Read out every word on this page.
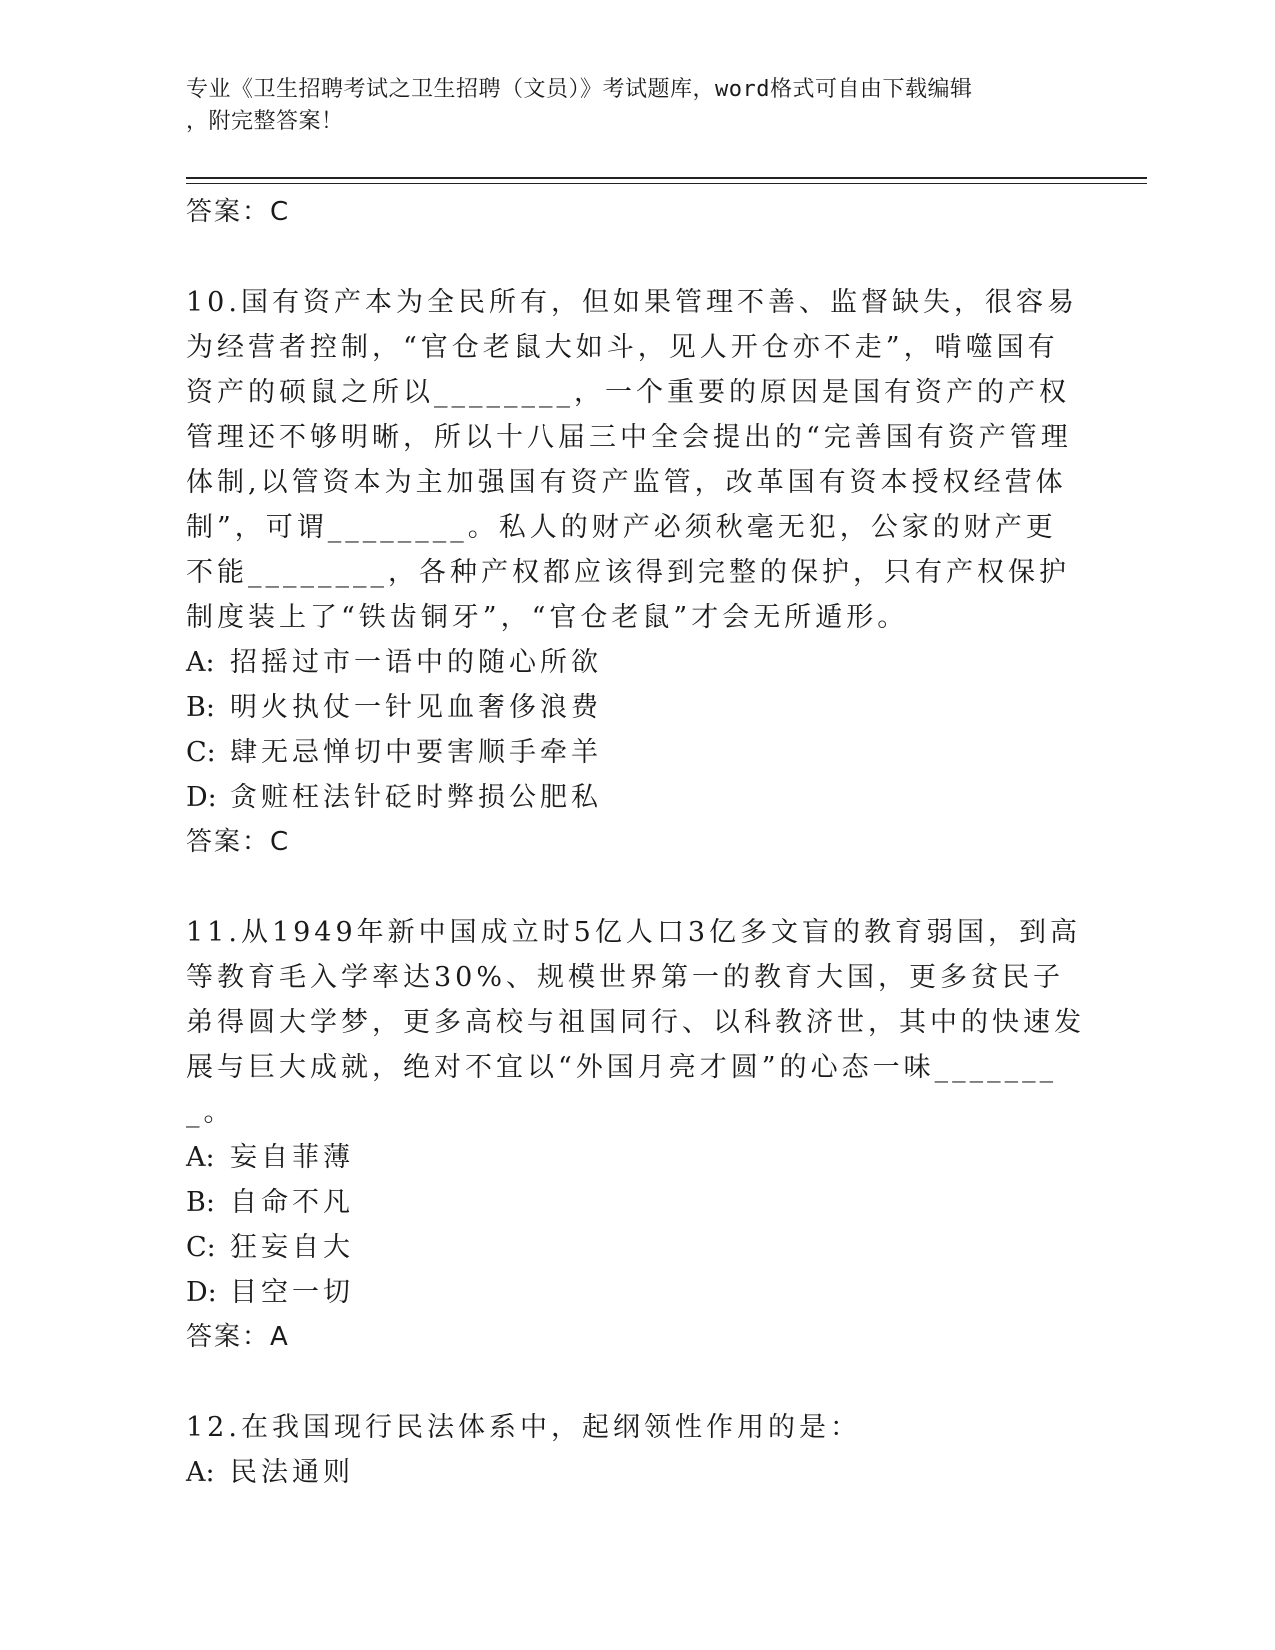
专业《卫生招聘考试之卫生招聘（文员）》考试题库，word格式可自由下载编辑
，附完整答案！
答案：C
10.国有资产本为全民所有，但如果管理不善、监督缺失，很容易为经营者控制，“官仓老鼠大如斗，见人开仓亦不走”，啃噬国有资产的硕鼠之所以________，一个重要的原因是国有资产的产权管理还不够明晰，所以十八届三中全会提出的“完善国有资产管理体制,以管资本为主加强国有资产监管，改革国有资本授权经营体制”，可谓________。私人的财产必须秋毫无犯，公家的财产更不能________，各种产权都应该得到完整的保护，只有产权保护制度装上了“铁齿铜牙”，“官仓老鼠”才会无所遁形。
A: 招摇过市一语中的随心所欲
B: 明火执仗一针见血奢侈浪费
C: 肆无忌惮切中要害顺手牵羊
D: 贪赃枉法针砭时弊损公肥私
答案：C
11.从1949年新中国成立时5亿人口3亿多文盲的教育弱国，到高等教育毛入学率达30%、规模世界第一的教育大国，更多贫民子弟得圆大学梦，更多高校与祖国同行、以科教济世，其中的快速发展与巨大成就，绝对不宜以“外国月亮才圆”的心态一味________。
A: 妄自菲薄
B: 自命不凡
C: 狂妄自大
D: 目空一切
答案：A
12.在我国现行民法体系中，起纲领性作用的是：
A: 民法通则
